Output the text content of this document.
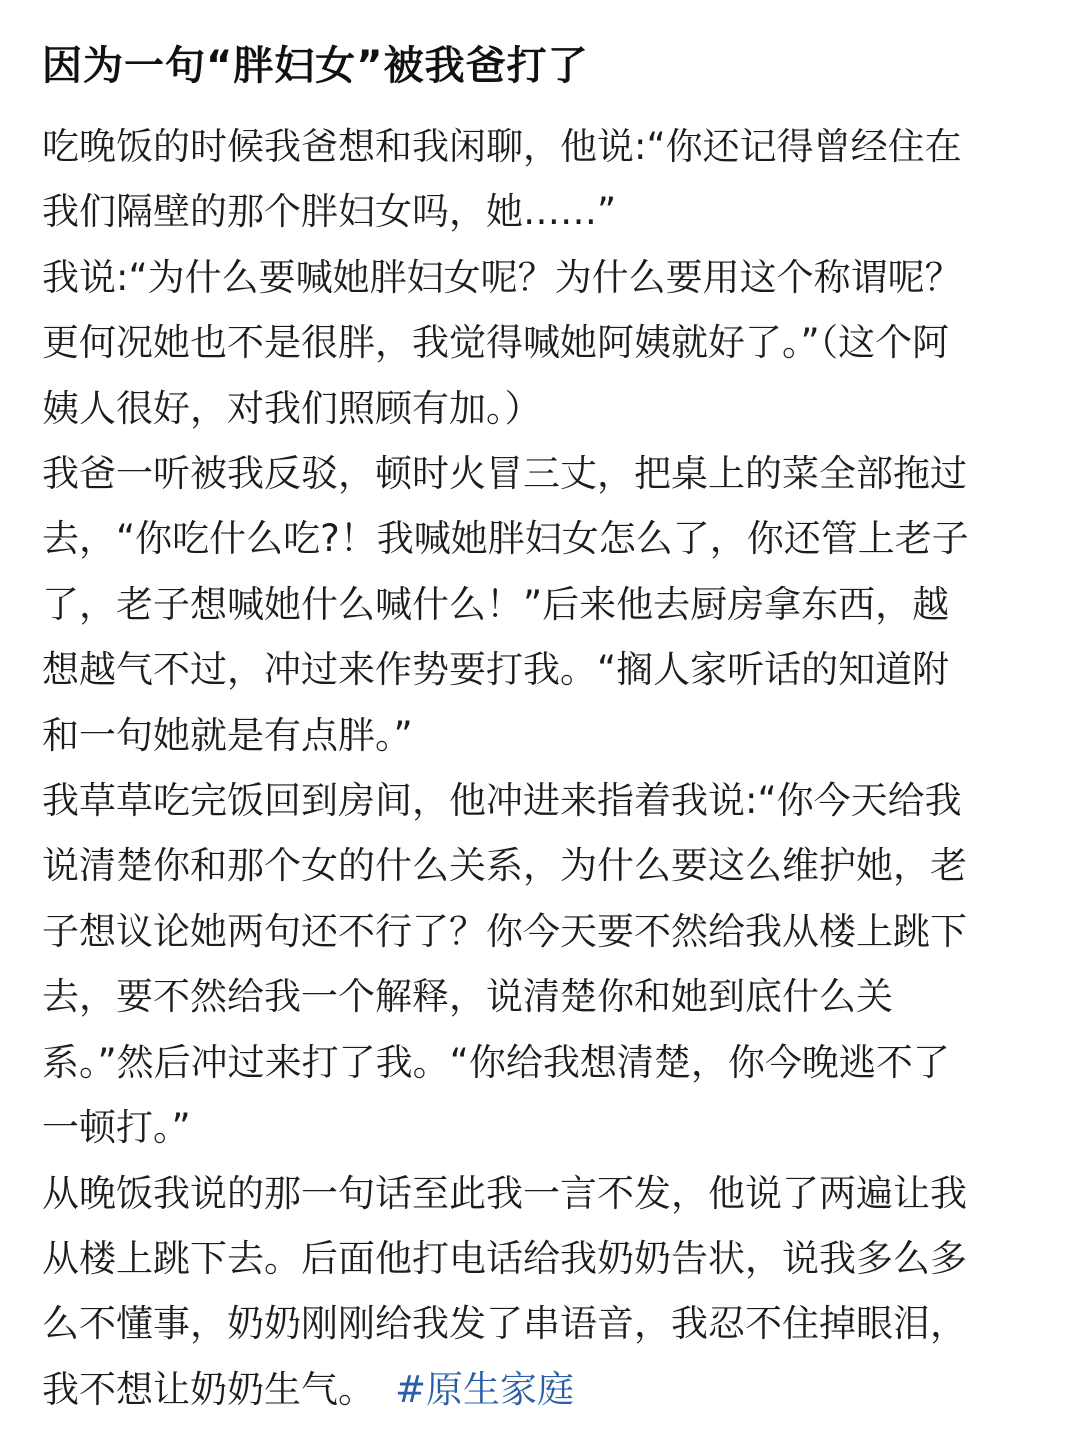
因为一句“胖妇女”被我爸打了

吃晚饭的时候我爸想和我闲聊，他说:“你还记得曾经住在

我们隔壁的那个胖妇女吗，她……”

我说:“为什么要喊她胖妇女呢？为什么要用这个称谓呢？

更何况她也不是很胖，我觉得喊她阿姨就好了。”（这个阿

姨人很好，对我们照顾有加。）

我爸一听被我反驳，顿时火冒三丈，把桌上的菜全部拖过

去，“你吃什么吃?！我喊她胖妇女怎么了，你还管上老子

了，老子想喊她什么喊什么！”后来他去厨房拿东西，越

想越气不过，冲过来作势要打我。“搁人家听话的知道附

和一句她就是有点胖。”

我草草吃完饭回到房间，他冲进来指着我说:“你今天给我

说清楚你和那个女的什么关系，为什么要这么维护她，老

子想议论她两句还不行了？你今天要不然给我从楼上跳下

去，要不然给我一个解释，说清楚你和她到底什么关

系。”然后冲过来打了我。“你给我想清楚，你今晚逃不了

一顿打。”

从晚饭我说的那一句话至此我一言不发，他说了两遍让我

从楼上跳下去。后面他打电话给我奶奶告状，说我多么多

么不懂事，奶奶刚刚给我发了串语音，我忍不住掉眼泪，

我不想让奶奶生气。 #原生家庭
